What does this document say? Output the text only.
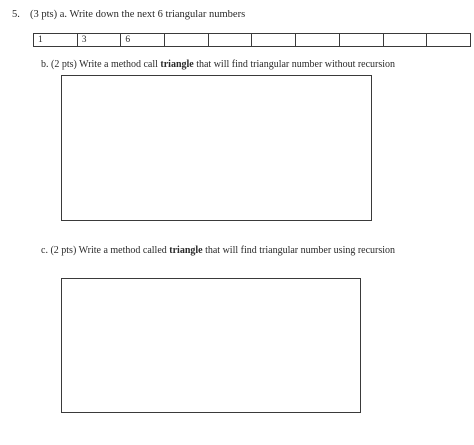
5. (3 pts) a. Write down the next 6 triangular numbers
1	3	6							
b. (2 pts) Write a method call triangle that will find triangular number without recursion
c. (2 pts) Write a method called triangle that will find triangular number using recursion
